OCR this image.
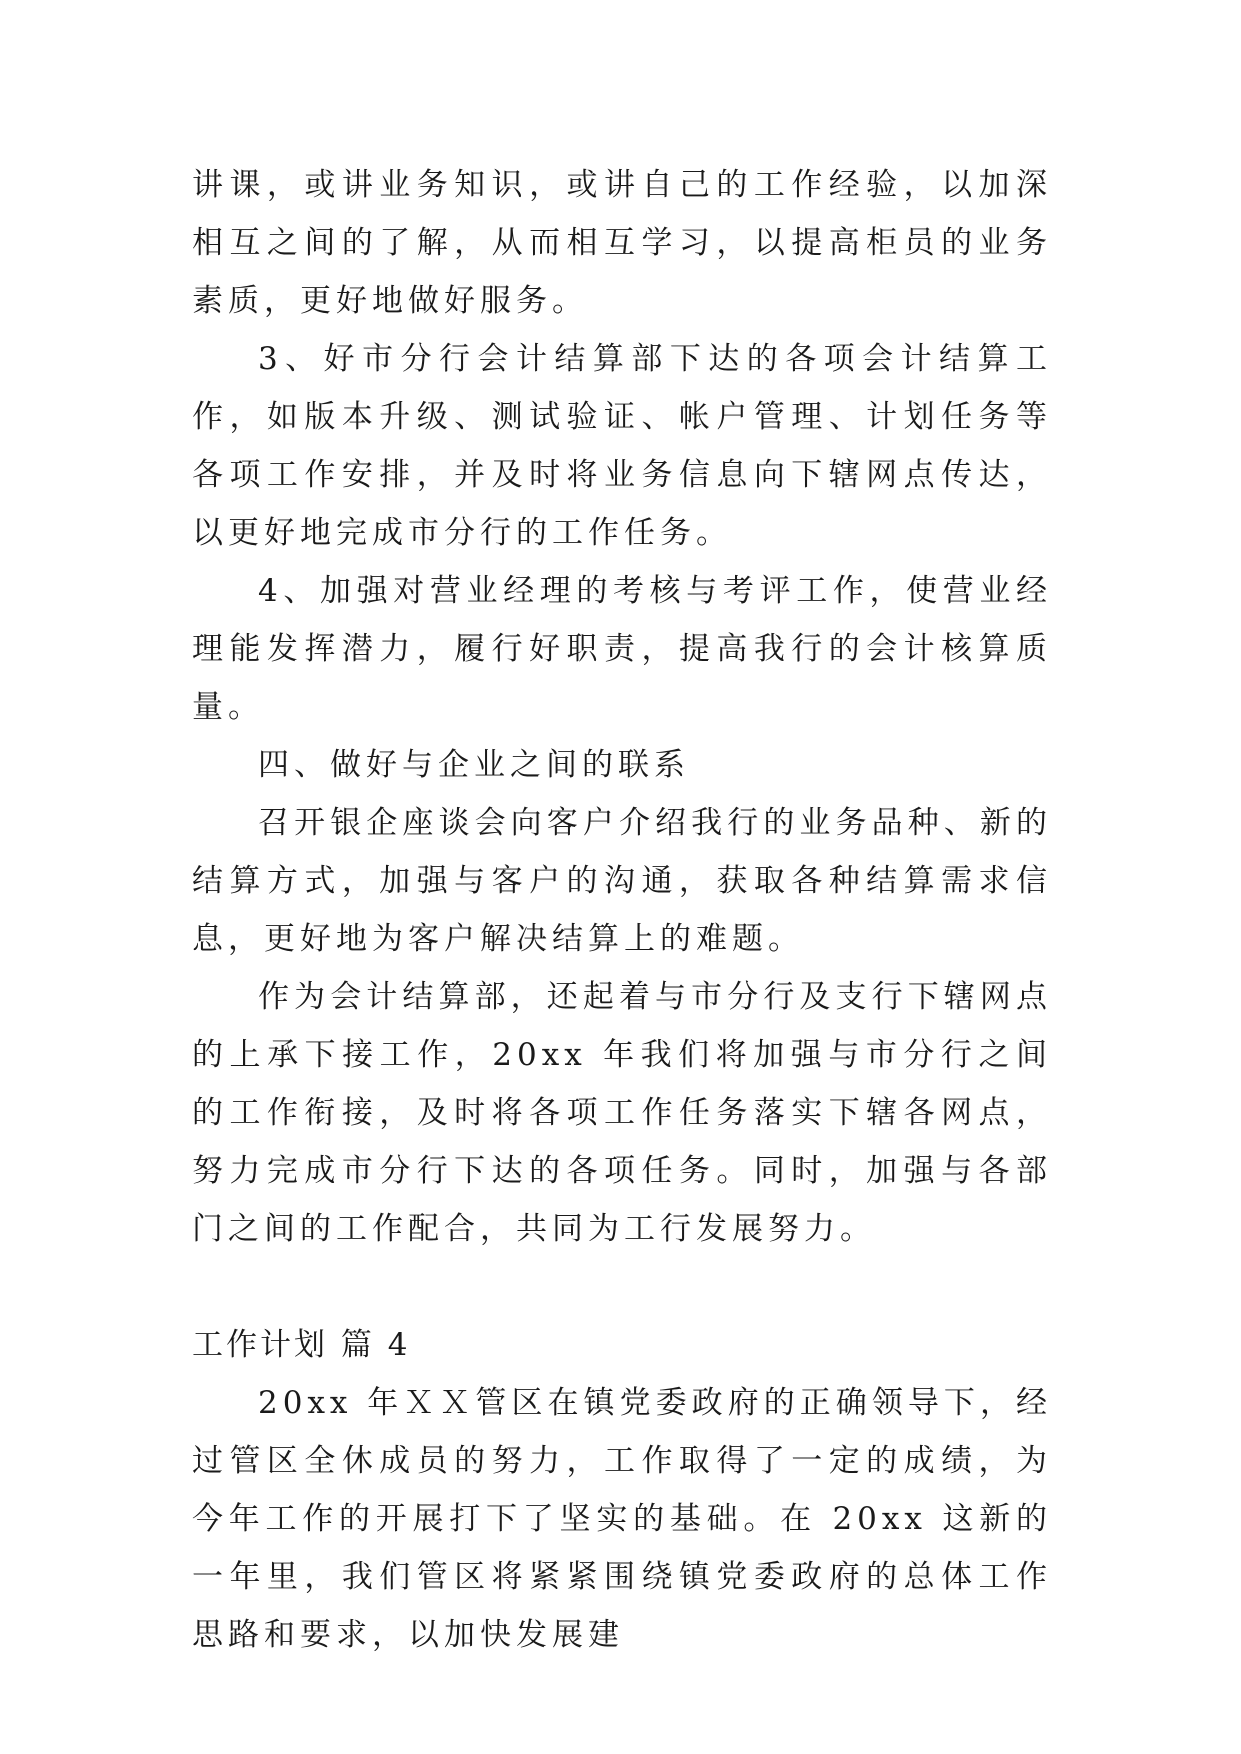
讲课，或讲业务知识，或讲自己的工作经验，以加深相互之间的了解，从而相互学习，以提高柜员的业务素质，更好地做好服务。

3、好市分行会计结算部下达的各项会计结算工作，如版本升级、测试验证、帐户管理、计划任务等各项工作安排，并及时将业务信息向下辖网点传达，以更好地完成市分行的工作任务。

4、加强对营业经理的考核与考评工作，使营业经理能发挥潜力，履行好职责，提高我行的会计核算质量。

四、做好与企业之间的联系

召开银企座谈会向客户介绍我行的业务品种、新的结算方式，加强与客户的沟通，获取各种结算需求信息，更好地为客户解决结算上的难题。

作为会计结算部，还起着与市分行及支行下辖网点的上承下接工作，20xx 年我们将加强与市分行之间的工作衔接，及时将各项工作任务落实下辖各网点，努力完成市分行下达的各项任务。同时，加强与各部门之间的工作配合，共同为工行发展努力。

工作计划 篇 4

20xx 年ＸＸ管区在镇党委政府的正确领导下，经过管区全休成员的努力，工作取得了一定的成绩，为今年工作的开展打下了坚实的基础。在 20xx 这新的一年里，我们管区将紧紧围绕镇党委政府的总体工作思路和要求，以加快发展建
